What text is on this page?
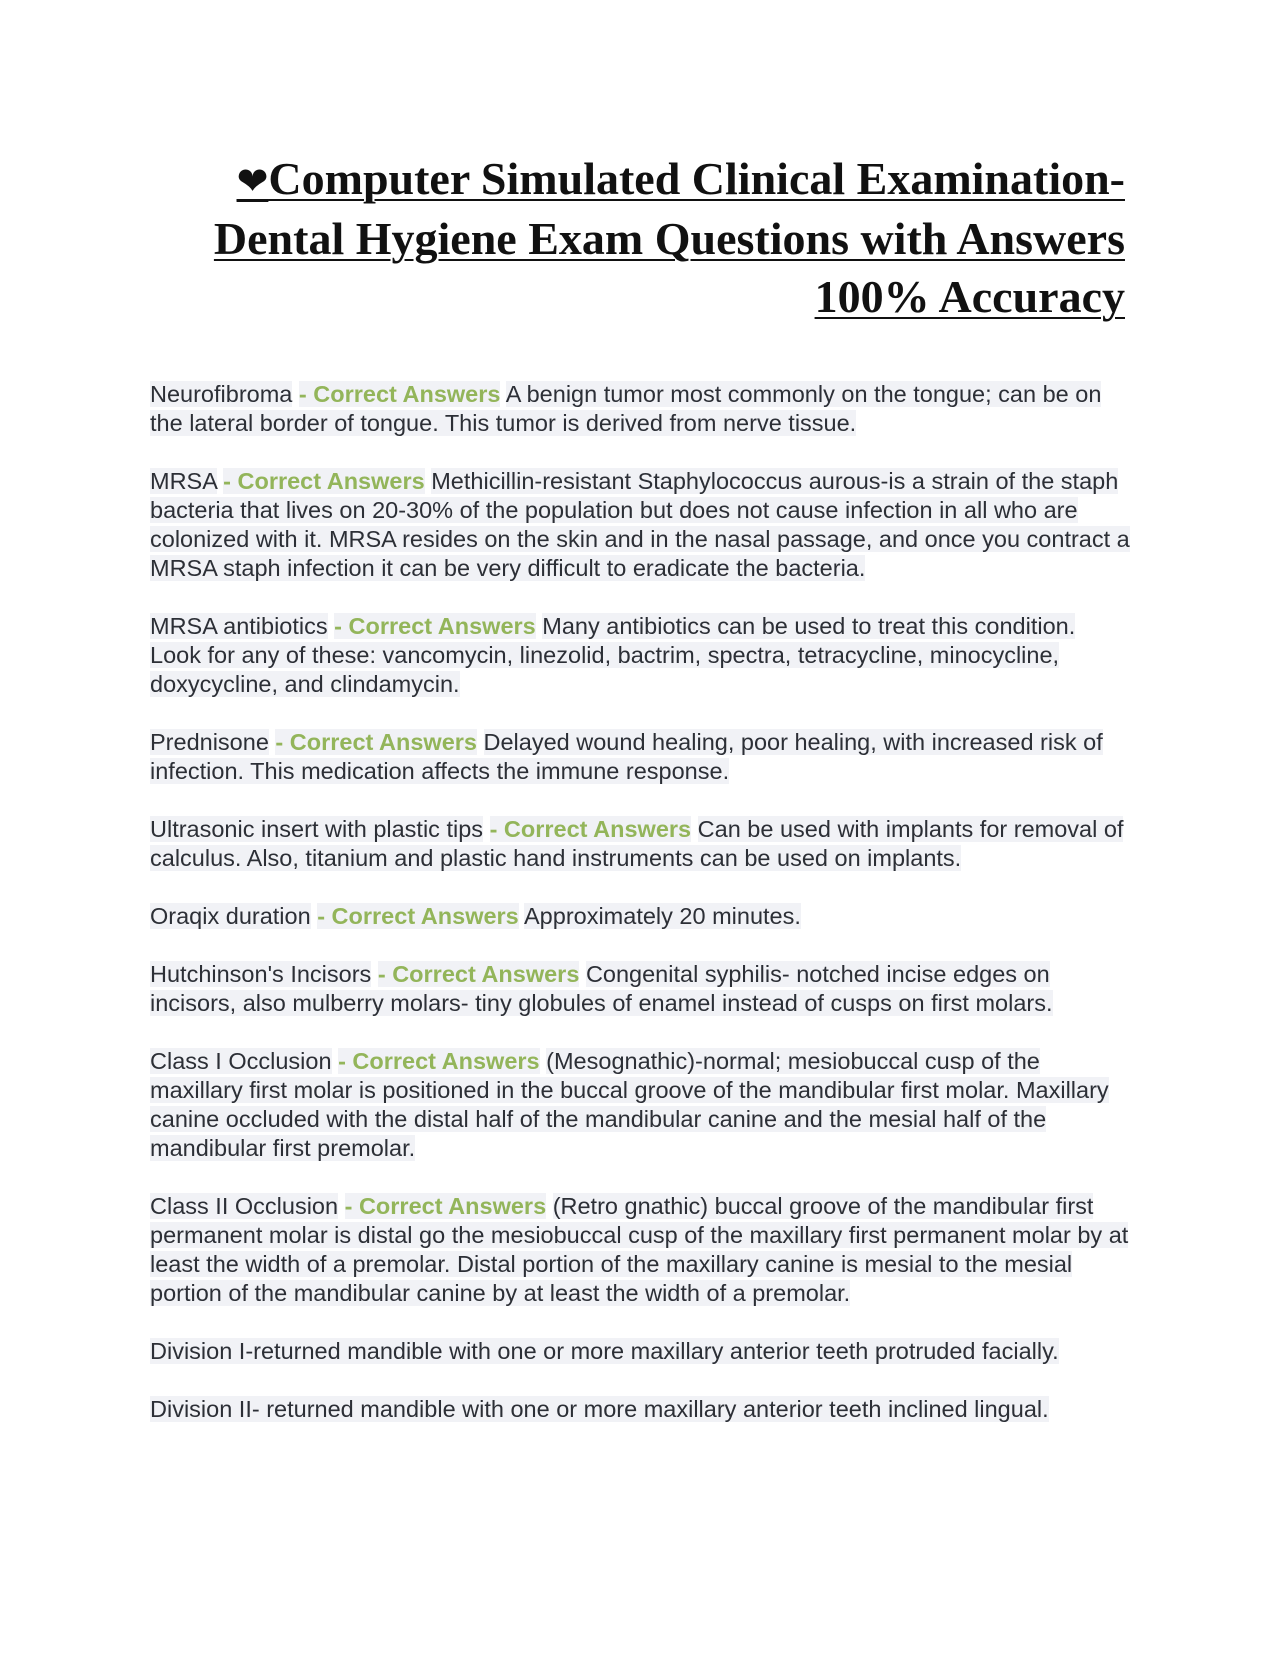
❤Computer Simulated Clinical Examination- Dental Hygiene Exam Questions with Answers 100% Accuracy

Neurofibroma - Correct Answers A benign tumor most commonly on the tongue; can be on the lateral border of tongue. This tumor is derived from nerve tissue.

MRSA - Correct Answers Methicillin-resistant Staphylococcus aurous-is a strain of the staph bacteria that lives on 20-30% of the population but does not cause infection in all who are colonized with it. MRSA resides on the skin and in the nasal passage, and once you contract a MRSA staph infection it can be very difficult to eradicate the bacteria.

MRSA antibiotics - Correct Answers Many antibiotics can be used to treat this condition. Look for any of these: vancomycin, linezolid, bactrim, spectra, tetracycline, minocycline, doxycycline, and clindamycin.

Prednisone - Correct Answers Delayed wound healing, poor healing, with increased risk of infection. This medication affects the immune response.

Ultrasonic insert with plastic tips - Correct Answers Can be used with implants for removal of calculus. Also, titanium and plastic hand instruments can be used on implants.

Oraqix duration - Correct Answers Approximately 20 minutes.

Hutchinson's Incisors - Correct Answers Congenital syphilis- notched incise edges on incisors, also mulberry molars- tiny globules of enamel instead of cusps on first molars.

Class I Occlusion - Correct Answers (Mesognathic)-normal; mesiobuccal cusp of the maxillary first molar is positioned in the buccal groove of the mandibular first molar. Maxillary canine occluded with the distal half of the mandibular canine and the mesial half of the mandibular first premolar.

Class II Occlusion - Correct Answers (Retro gnathic) buccal groove of the mandibular first permanent molar is distal go the mesiobuccal cusp of the maxillary first permanent molar by at least the width of a premolar. Distal portion of the maxillary canine is mesial to the mesial portion of the mandibular canine by at least the width of a premolar.

Division I-returned mandible with one or more maxillary anterior teeth protruded facially.

Division II- returned mandible with one or more maxillary anterior teeth inclined lingual.
